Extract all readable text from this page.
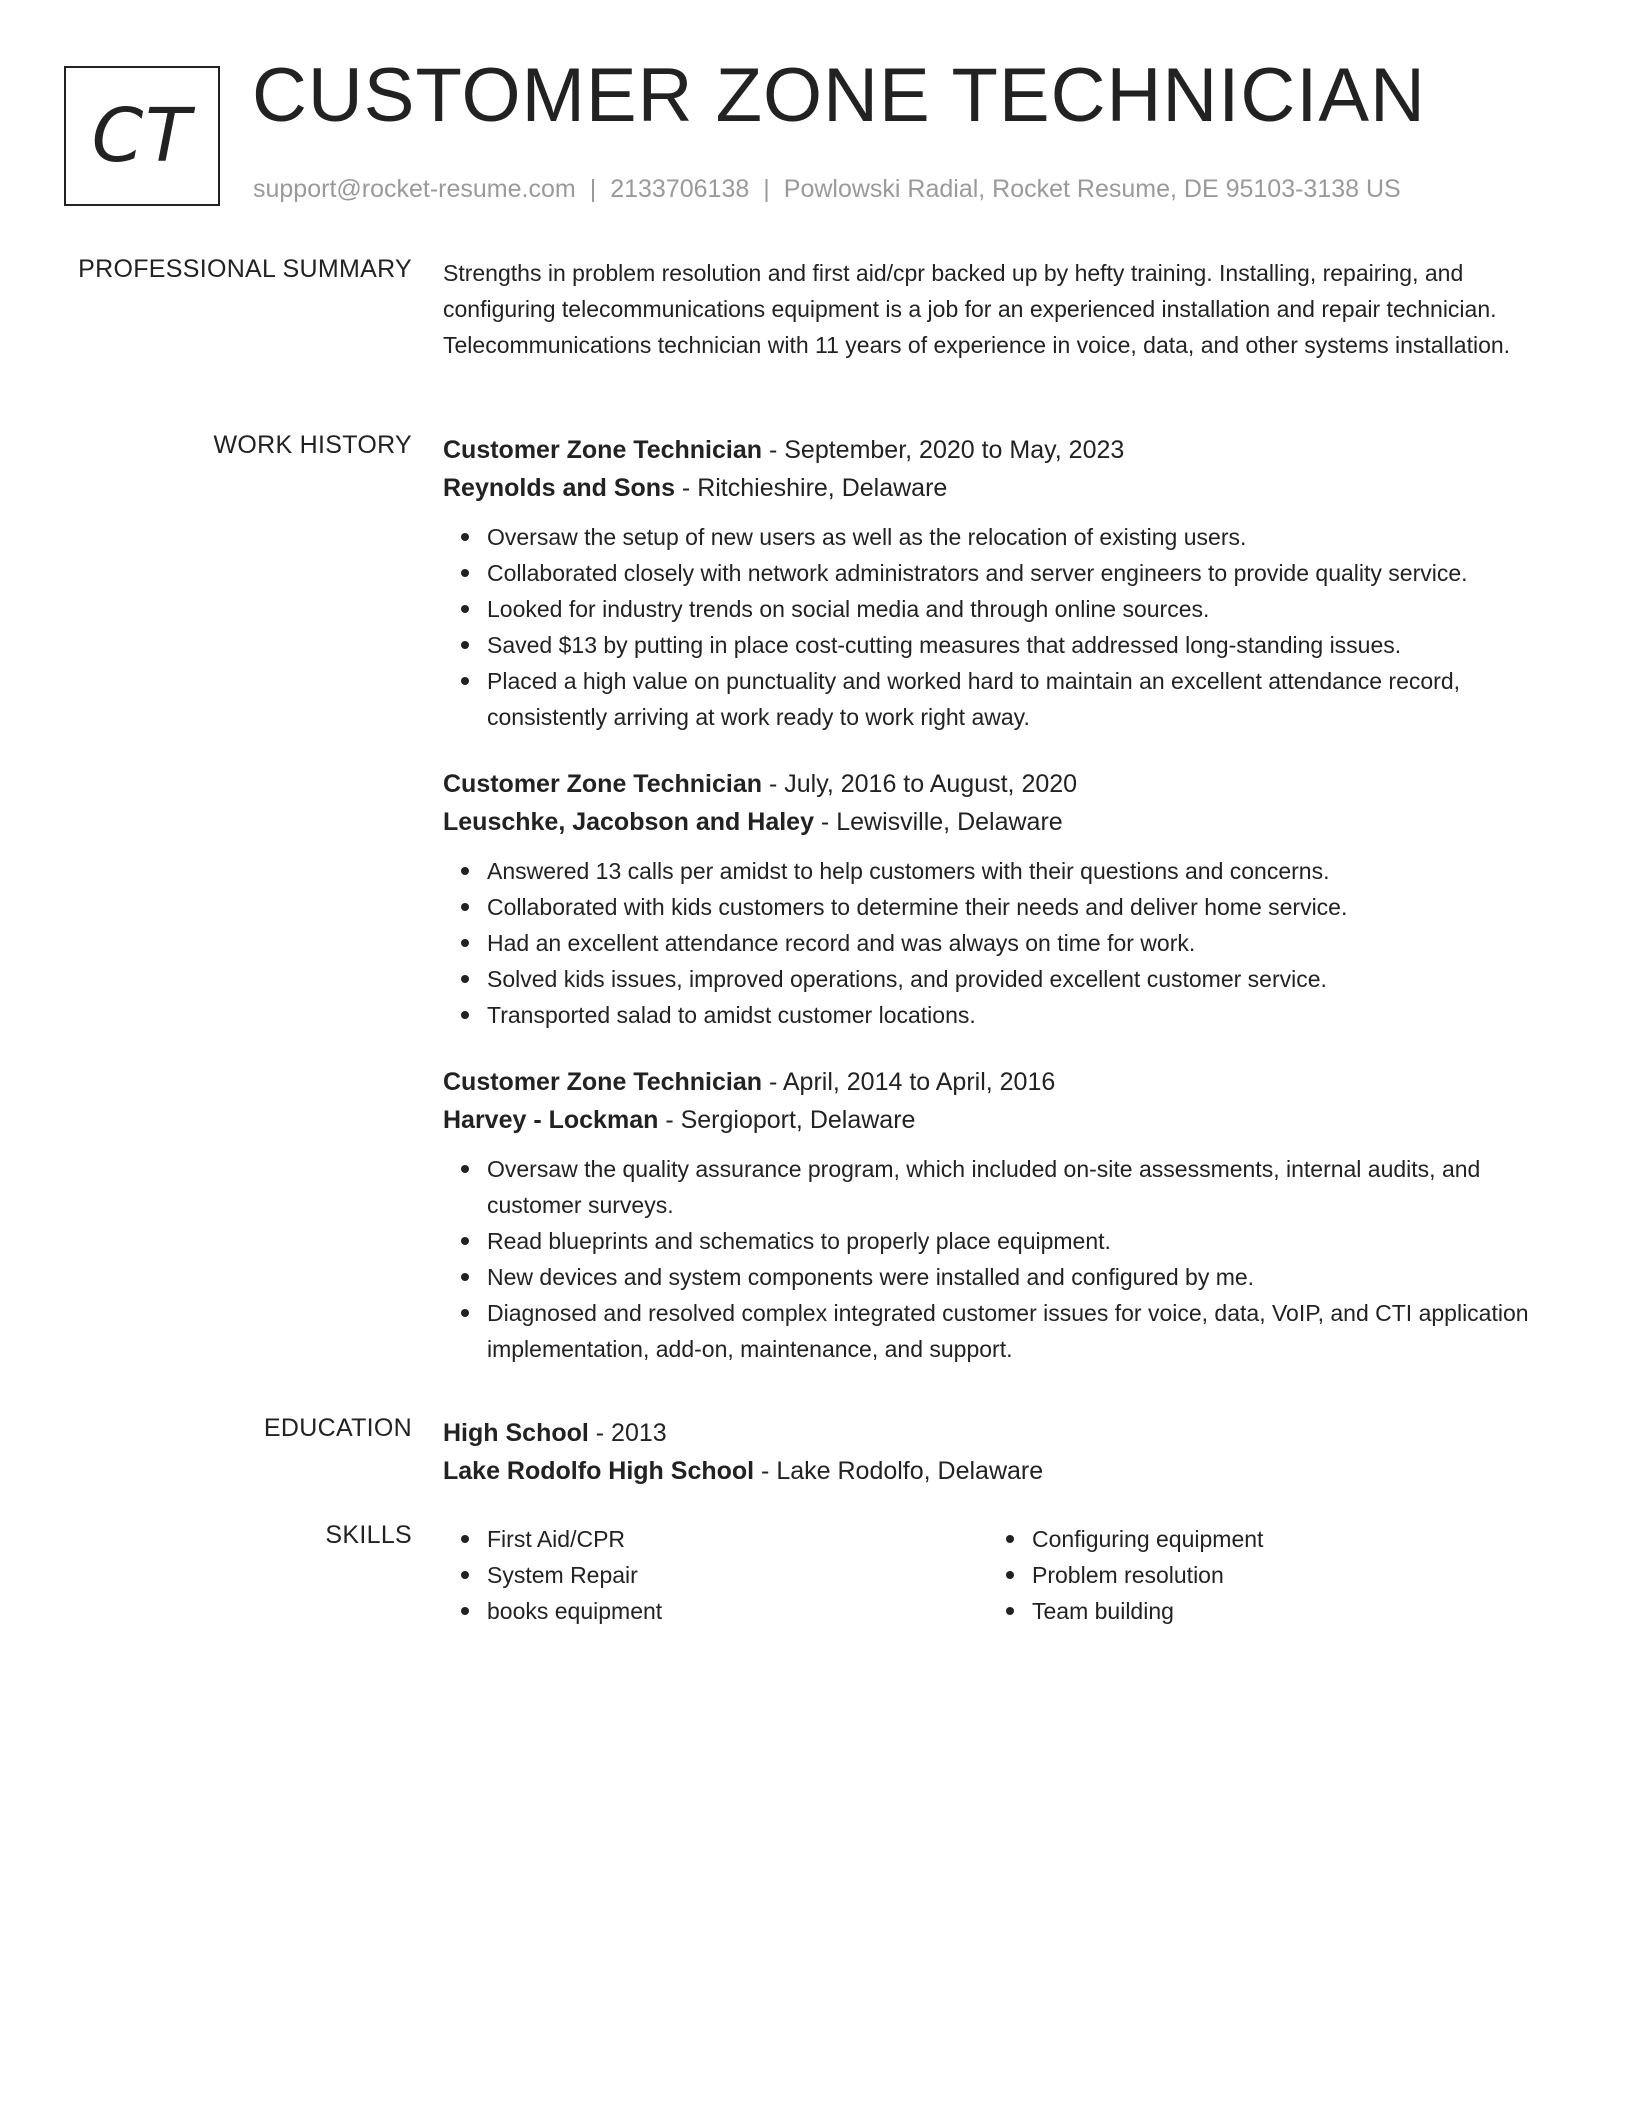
CT CUSTOMER ZONE TECHNICIAN
support@rocket-resume.com | 2133706138 | Powlowski Radial, Rocket Resume, DE 95103-3138 US
PROFESSIONAL SUMMARY Strengths in problem resolution and first aid/cpr backed up by hefty training. Installing, repairing, and configuring telecommunications equipment is a job for an experienced installation and repair technician. Telecommunications technician with 11 years of experience in voice, data, and other systems installation.

WORK HISTORY Customer Zone Technician - September, 2020 to May, 2023
Reynolds and Sons - Ritchieshire, Delaware
Oversaw the setup of new users as well as the relocation of existing users.
Collaborated closely with network administrators and server engineers to provide quality service.
Looked for industry trends on social media and through online sources.
Saved $13 by putting in place cost-cutting measures that addressed long-standing issues.
Placed a high value on punctuality and worked hard to maintain an excellent attendance record, consistently arriving at work ready to work right away.
Customer Zone Technician - July, 2016 to August, 2020
Leuschke, Jacobson and Haley - Lewisville, Delaware
Answered 13 calls per amidst to help customers with their questions and concerns.
Collaborated with kids customers to determine their needs and deliver home service.
Had an excellent attendance record and was always on time for work.
Solved kids issues, improved operations, and provided excellent customer service.
Transported salad to amidst customer locations.
Customer Zone Technician - April, 2014 to April, 2016
Harvey - Lockman - Sergioport, Delaware
Oversaw the quality assurance program, which included on-site assessments, internal audits, and customer surveys.
Read blueprints and schematics to properly place equipment.
New devices and system components were installed and configured by me.
Diagnosed and resolved complex integrated customer issues for voice, data, VoIP, and CTI application implementation, add-on, maintenance, and support.
EDUCATION High School - 2013
Lake Rodolfo High School - Lake Rodolfo, Delaware
SKILLS	First Aid/CPR
System Repair
books equipment
Configuring equipment
Problem resolution
Team building
